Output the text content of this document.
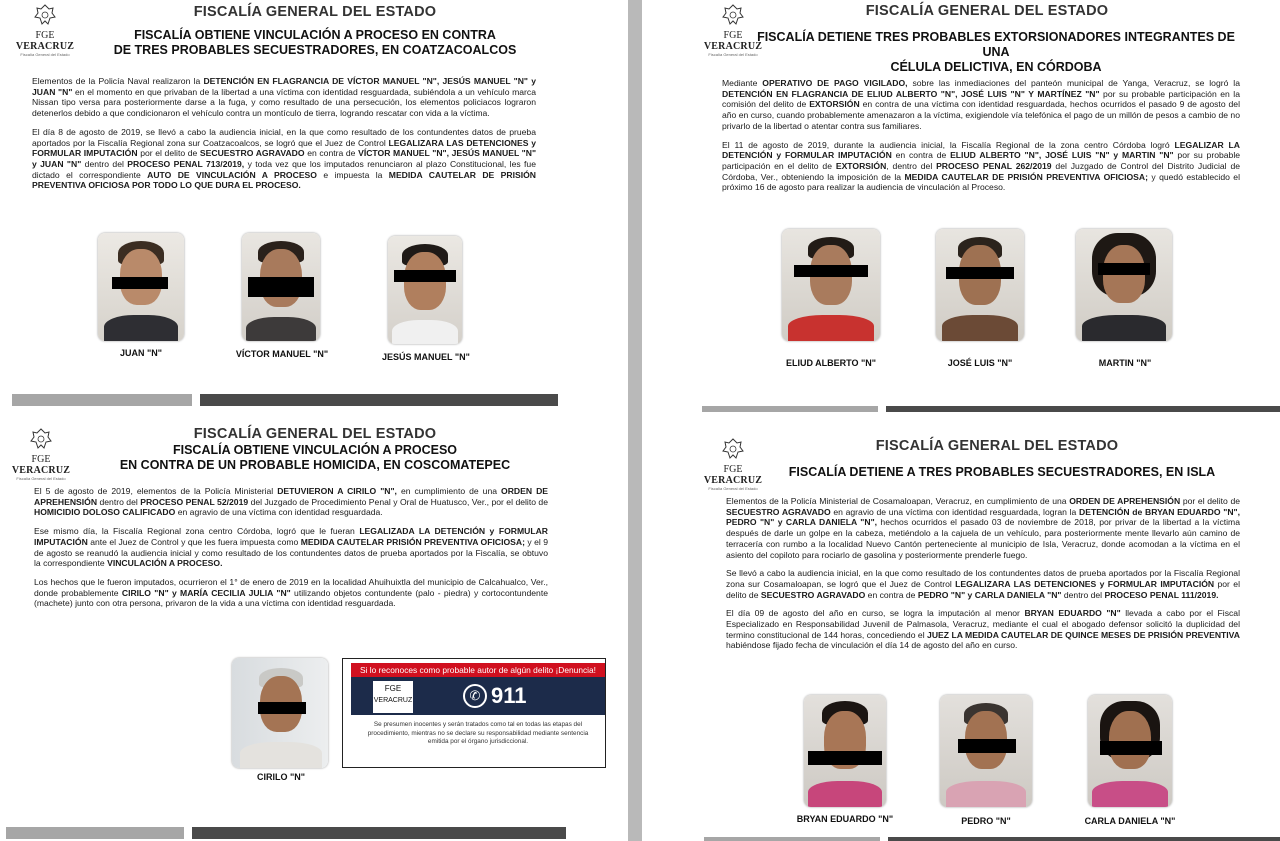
FGE
VERACRUZ
Fiscalía General del Estado
FISCALÍA GENERAL DEL ESTADO
FISCALÍA OBTIENE VINCULACIÓN A PROCESO EN CONTRA
DE TRES PROBABLES SECUESTRADORES, EN COATZACOALCOS

Elementos de la Policía Naval realizaron la DETENCIÓN EN FLAGRANCIA DE VÍCTOR MANUEL "N", JESÚS MANUEL "N" y JUAN "N" en el momento en que privaban de la libertad a una víctima con identidad resguardada, subiéndola a un vehículo marca Nissan tipo versa para posteriormente darse a la fuga, y como resultado de una persecución, los elementos policiacos lograron detenerlos debido a que condicionaron el vehículo contra un montículo de tierra, logrando rescatar con vida a la víctima.

El día 8 de agosto de 2019, se llevó a cabo la audiencia inicial, en la que como resultado de los contundentes datos de prueba aportados por la Fiscalía Regional zona sur Coatzacoalcos, se logró que el Juez de Control LEGALIZARA LAS DETENCIONES y FORMULAR IMPUTACIÓN por el delito de SECUESTRO AGRAVADO en contra de VÍCTOR MANUEL "N", JESÚS MANUEL "N" y JUAN "N" dentro del PROCESO PENAL 713/2019, y toda vez que los imputados renunciaron al plazo Constitucional, les fue dictado el correspondiente AUTO DE VINCULACIÓN A PROCESO e impuesta la MEDIDA CAUTELAR DE PRISIÓN PREVENTIVA OFICIOSA POR TODO LO QUE DURA EL PROCESO.

JUAN "N"	VÍCTOR MANUEL "N"	JESÚS MANUEL "N"
FGE
VERACRUZ
Fiscalía General del Estado
FISCALÍA GENERAL DEL ESTADO
FISCALÍA DETIENE TRES PROBABLES EXTORSIONADORES INTEGRANTES DE UNA
CÉLULA DELICTIVA, EN CÓRDOBA

Mediante OPERATIVO DE PAGO VIGILADO, sobre las inmediaciones del panteón municipal de Yanga, Veracruz, se logró la DETENCIÓN EN FLAGRANCIA DE ELIUD ALBERTO "N", JOSÉ LUIS "N" Y MARTÍNEZ "N" por su probable participación en la comisión del delito de EXTORSIÓN en contra de una víctima con identidad resguardada, hechos ocurridos el pasado 9 de agosto del año en curso, cuando probablemente amenazaron a la víctima, exigiendole vía telefónica el pago de un millón de pesos a cambio de no privarlo de la libertad o atentar contra sus familiares.

El 11 de agosto de 2019, durante la audiencia inicial, la Fiscalía Regional de la zona centro Córdoba logró LEGALIZAR LA DETENCIÓN y FORMULAR IMPUTACIÓN en contra de ELIUD ALBERTO "N", JOSÉ LUIS "N" y MARTIN "N" por su probable participación en el delito de EXTORSIÓN, dentro del PROCESO PENAL 262/2019 del Juzgado de Control del Distrito Judicial de Córdoba, Ver., obteniendo la imposición de la MEDIDA CAUTELAR DE PRISIÓN PREVENTIVA OFICIOSA; y quedó establecido el próximo 16 de agosto para realizar la audiencia de vinculación al Proceso.

ELIUD ALBERTO "N"	JOSÉ LUIS "N"	MARTIN "N"
FGE
VERACRUZ
Fiscalía General del Estado
FISCALÍA GENERAL DEL ESTADO
FISCALÍA OBTIENE VINCULACIÓN A PROCESO
EN CONTRA DE UN PROBABLE HOMICIDA, EN COSCOMATEPEC

El 5 de agosto de 2019, elementos de la Policía Ministerial DETUVIERON A CIRILO "N", en cumplimiento de una ORDEN DE APREHENSIÓN dentro del PROCESO PENAL 52/2019 del Juzgado de Procedimiento Penal y Oral de Huatusco, Ver., por el delito de HOMICIDIO DOLOSO CALIFICADO en agravio de una víctima con identidad resguardada.

Ese mismo día, la Fiscalía Regional zona centro Córdoba, logró que le fueran LEGALIZADA LA DETENCIÓN y FORMULAR IMPUTACIÓN ante el Juez de Control y que les fuera impuesta como MEDIDA CAUTELAR PRISIÓN PREVENTIVA OFICIOSA; y el 9 de agosto se reanudó la audiencia inicial y como resultado de los contundentes datos de prueba aportados por la Fiscalía, se obtuvo la correspondiente VINCULACIÓN A PROCESO.

Los hechos que le fueron imputados, ocurrieron el 1° de enero de 2019 en la localidad Ahuihuixtla del municipio de Calcahualco, Ver., donde probablemente CIRILO "N" y MARÍA CECILIA JULIA "N" utilizando objetos contundente (palo - piedra) y cortocontundente (machete) junto con otra persona, privaron de la vida a una víctima con identidad resguardada.

CIRILO "N"
Si lo reconoces como probable autor de algún delito ¡Denuncia!
FGE
VERACRUZ	✆ 911
Se presumen inocentes y serán tratados como tal en todas las etapas del procedimiento, mientras no se declare su responsabilidad mediante sentencia emitida por el órgano jurisdiccional.
FGE
VERACRUZ
Fiscalía General del Estado
FISCALÍA GENERAL DEL ESTADO
FISCALÍA DETIENE A TRES PROBABLES SECUESTRADORES, EN ISLA

Elementos de la Policía Ministerial de Cosamaloapan, Veracruz, en cumplimiento de una ORDEN DE APREHENSIÓN por el delito de SECUESTRO AGRAVADO en agravio de una víctima con identidad resguardada, logran la DETENCIÓN de BRYAN EDUARDO "N", PEDRO "N" y CARLA DANIELA "N", hechos ocurridos el pasado 03 de noviembre de 2018, por privar de la libertad a la víctima después de darle un golpe en la cabeza, metiéndolo a la cajuela de un vehículo, para posteriormente mente llevarlo aún camino de terracería con rumbo a la localidad Nuevo Cantón perteneciente al municipio de Isla, Veracruz, donde acomodan a la víctima en el asiento del copiloto para rociarlo de gasolina y posteriormente prenderle fuego.

Se llevó a cabo la audiencia inicial, en la que como resultado de los contundentes datos de prueba aportados por la Fiscalía Regional zona sur Cosamaloapan, se logró que el Juez de Control LEGALIZARA LAS DETENCIONES y FORMULAR IMPUTACIÓN por el delito de SECUESTRO AGRAVADO en contra de PEDRO "N" y CARLA DANIELA "N" dentro del PROCESO PENAL 111/2019.

El día 09 de agosto del año en curso, se logra la imputación al menor BRYAN EDUARDO "N" llevada a cabo por el Fiscal Especializado en Responsabilidad Juvenil de Palmasola, Veracruz, mediante el cual el abogado defensor solicitó la duplicidad del termino constitucional de 144 horas, concediendo el JUEZ LA MEDIDA CAUTELAR DE QUINCE MESES DE PRISIÓN PREVENTIVA habiéndose fijado fecha de vinculación el día 14 de agosto del año en curso.

BRYAN EDUARDO "N"	PEDRO "N"	CARLA DANIELA "N"
